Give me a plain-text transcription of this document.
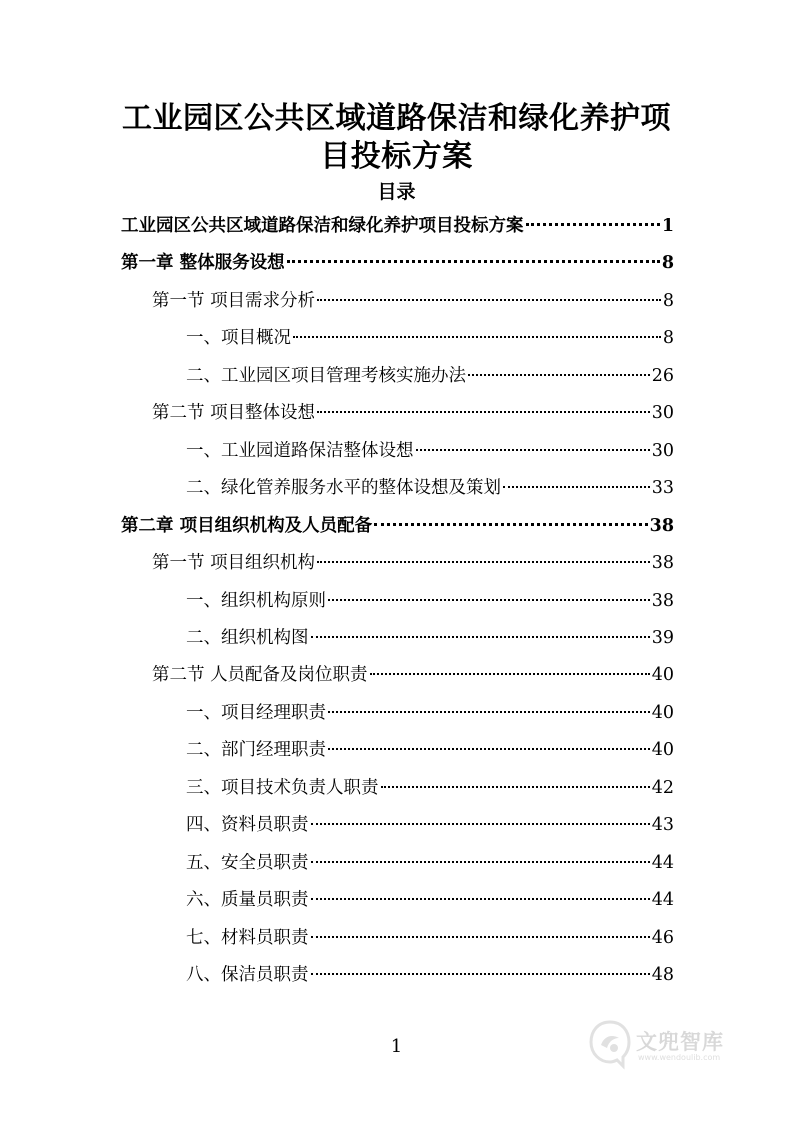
工业园区公共区域道路保洁和绿化养护项
目投标方案
目录
工业园区公共区域道路保洁和绿化养护项目投标方案	1
第一章 整体服务设想	8
第一节 项目需求分析	8
一、项目概况	8
二、工业园区项目管理考核实施办法	26
第二节 项目整体设想	30
一、工业园道路保洁整体设想	30
二、绿化管养服务水平的整体设想及策划	33
第二章 项目组织机构及人员配备	38
第一节 项目组织机构	38
一、组织机构原则	38
二、组织机构图	39
第二节 人员配备及岗位职责	40
一、项目经理职责	40
二、部门经理职责	40
三、项目技术负责人职责	42
四、资料员职责	43
五、安全员职责	44
六、质量员职责	44
七、材料员职责	46
八、保洁员职责	48
1	文兜智库
www.wendoulib.com
